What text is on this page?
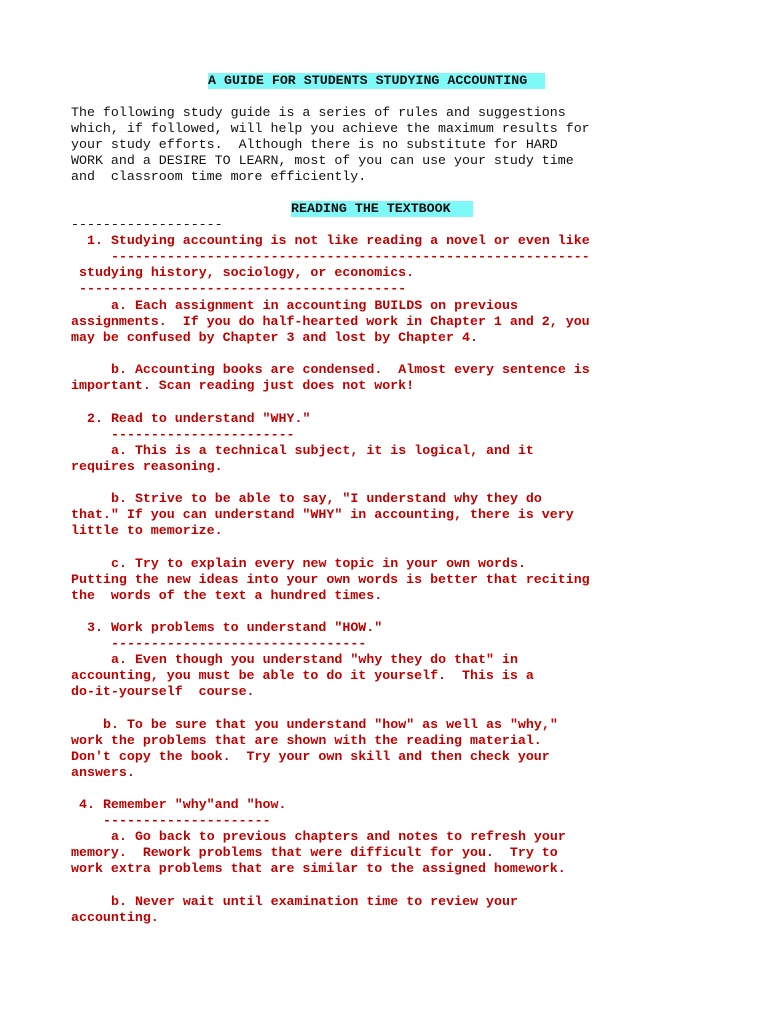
A GUIDE FOR STUDENTS STUDYING ACCOUNTING
The following study guide is a series of rules and suggestions
which, if followed, will help you achieve the maximum results for
your study efforts.  Although there is no substitute for HARD
WORK and a DESIRE TO LEARN, most of you can use your study time
and  classroom time more efficiently.
READING THE TEXTBOOK
-------------------
1. Studying accounting is not like reading a novel or even like
------------------------------------------------------------
studying history, sociology, or economics.
-----------------------------------------
a. Each assignment in accounting BUILDS on previous
assignments.  If you do half-hearted work in Chapter 1 and 2, you
may be confused by Chapter 3 and lost by Chapter 4.
b. Accounting books are condensed.  Almost every sentence is
important. Scan reading just does not work!
2. Read to understand "WHY."
-----------------------
a. This is a technical subject, it is logical, and it
requires reasoning.
b. Strive to be able to say, "I understand why they do
that." If you can understand "WHY" in accounting, there is very
little to memorize.
c. Try to explain every new topic in your own words.
Putting the new ideas into your own words is better that reciting
the  words of the text a hundred times.
3. Work problems to understand "HOW."
--------------------------------
a. Even though you understand "why they do that" in
accounting, you must be able to do it yourself.  This is a
do-it-yourself  course.
b. To be sure that you understand "how" as well as "why,"
work the problems that are shown with the reading material.
Don't copy the book.  Try your own skill and then check your
answers.
4. Remember "why"and "how.
---------------------
a. Go back to previous chapters and notes to refresh your
memory.  Rework problems that were difficult for you.  Try to
work extra problems that are similar to the assigned homework.
b. Never wait until examination time to review your
accounting.
